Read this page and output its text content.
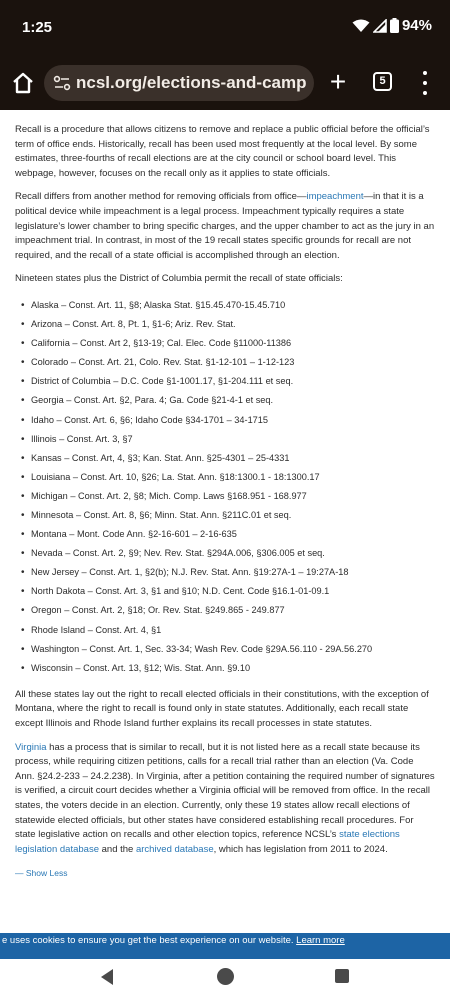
1:25	94%
ncsl.org/elections-and-camp +	5

Recall is a procedure that allows citizens to remove and replace a public official before the official’s term of office ends. Historically, recall has been used most frequently at the local level. By some estimates, three-fourths of recall elections are at the city council or school board level. This webpage, however, focuses on the recall only as it applies to state officials.

Recall differs from another method for removing officials from office—impeachment—in that it is a political device while impeachment is a legal process. Impeachment typically requires a state legislature’s lower chamber to bring specific charges, and the upper chamber to act as the jury in an impeachment trial. In contrast, in most of the 19 recall states specific grounds for recall are not required, and the recall of a state official is accomplished through an election.

Nineteen states plus the District of Columbia permit the recall of state officials:

• Alaska – Const. Art. 11, §8; Alaska Stat. §15.45.470-15.45.710
• Arizona – Const. Art. 8, Pt. 1, §1-6; Ariz. Rev. Stat.
• California – Const. Art 2, §13-19; Cal. Elec. Code §11000-11386
• Colorado – Const. Art. 21, Colo. Rev. Stat. §1-12-101 – 1-12-123
• District of Columbia – D.C. Code §1-1001.17, §1-204.111 et seq.
• Georgia – Const. Art. §2, Para. 4; Ga. Code §21-4-1 et seq.
• Idaho – Const. Art. 6, §6; Idaho Code §34-1701 – 34-1715
• Illinois – Const. Art. 3, §7
• Kansas – Const. Art, 4, §3; Kan. Stat. Ann. §25-4301 – 25-4331
• Louisiana – Const. Art. 10, §26; La. Stat. Ann. §18:1300.1 - 18:1300.17
• Michigan – Const. Art. 2, §8; Mich. Comp. Laws §168.951 - 168.977
• Minnesota – Const. Art. 8, §6; Minn. Stat. Ann. §211C.01 et seq.
• Montana – Mont. Code Ann. §2-16-601 – 2-16-635
• Nevada – Const. Art. 2, §9; Nev. Rev. Stat. §294A.006, §306.005 et seq.
• New Jersey – Const. Art. 1, §2(b); N.J. Rev. Stat. Ann. §19:27A-1 – 19:27A-18
• North Dakota – Const. Art. 3, §1 and §10; N.D. Cent. Code §16.1-01-09.1
• Oregon – Const. Art. 2, §18; Or. Rev. Stat. §249.865 - 249.877
• Rhode Island – Const. Art. 4, §1
• Washington – Const. Art. 1, Sec. 33-34; Wash Rev. Code §29A.56.110 - 29A.56.270
• Wisconsin – Const. Art. 13, §12; Wis. Stat. Ann. §9.10

All these states lay out the right to recall elected officials in their constitutions, with the exception of Montana, where the right to recall is found only in state statutes. Additionally, each recall state except Illinois and Rhode Island further explains its recall processes in state statutes.

Virginia has a process that is similar to recall, but it is not listed here as a recall state because its process, while requiring citizen petitions, calls for a recall trial rather than an election (Va. Code Ann. §24.2-233 – 24.2.238). In Virginia, after a petition containing the required number of signatures is verified, a circuit court decides whether a Virginia official will be removed from office. In the recall states, the voters decide in an election. Currently, only these 19 states allow recall elections of statewide elected officials, but other states have considered establishing recall procedures. For state legislative action on recalls and other election topics, reference NCSL’s state elections legislation database and the archived database, which has legislation from 2011 to 2024.

— Show Less
e uses cookies to ensure you get the best experience on our website. Learn more
